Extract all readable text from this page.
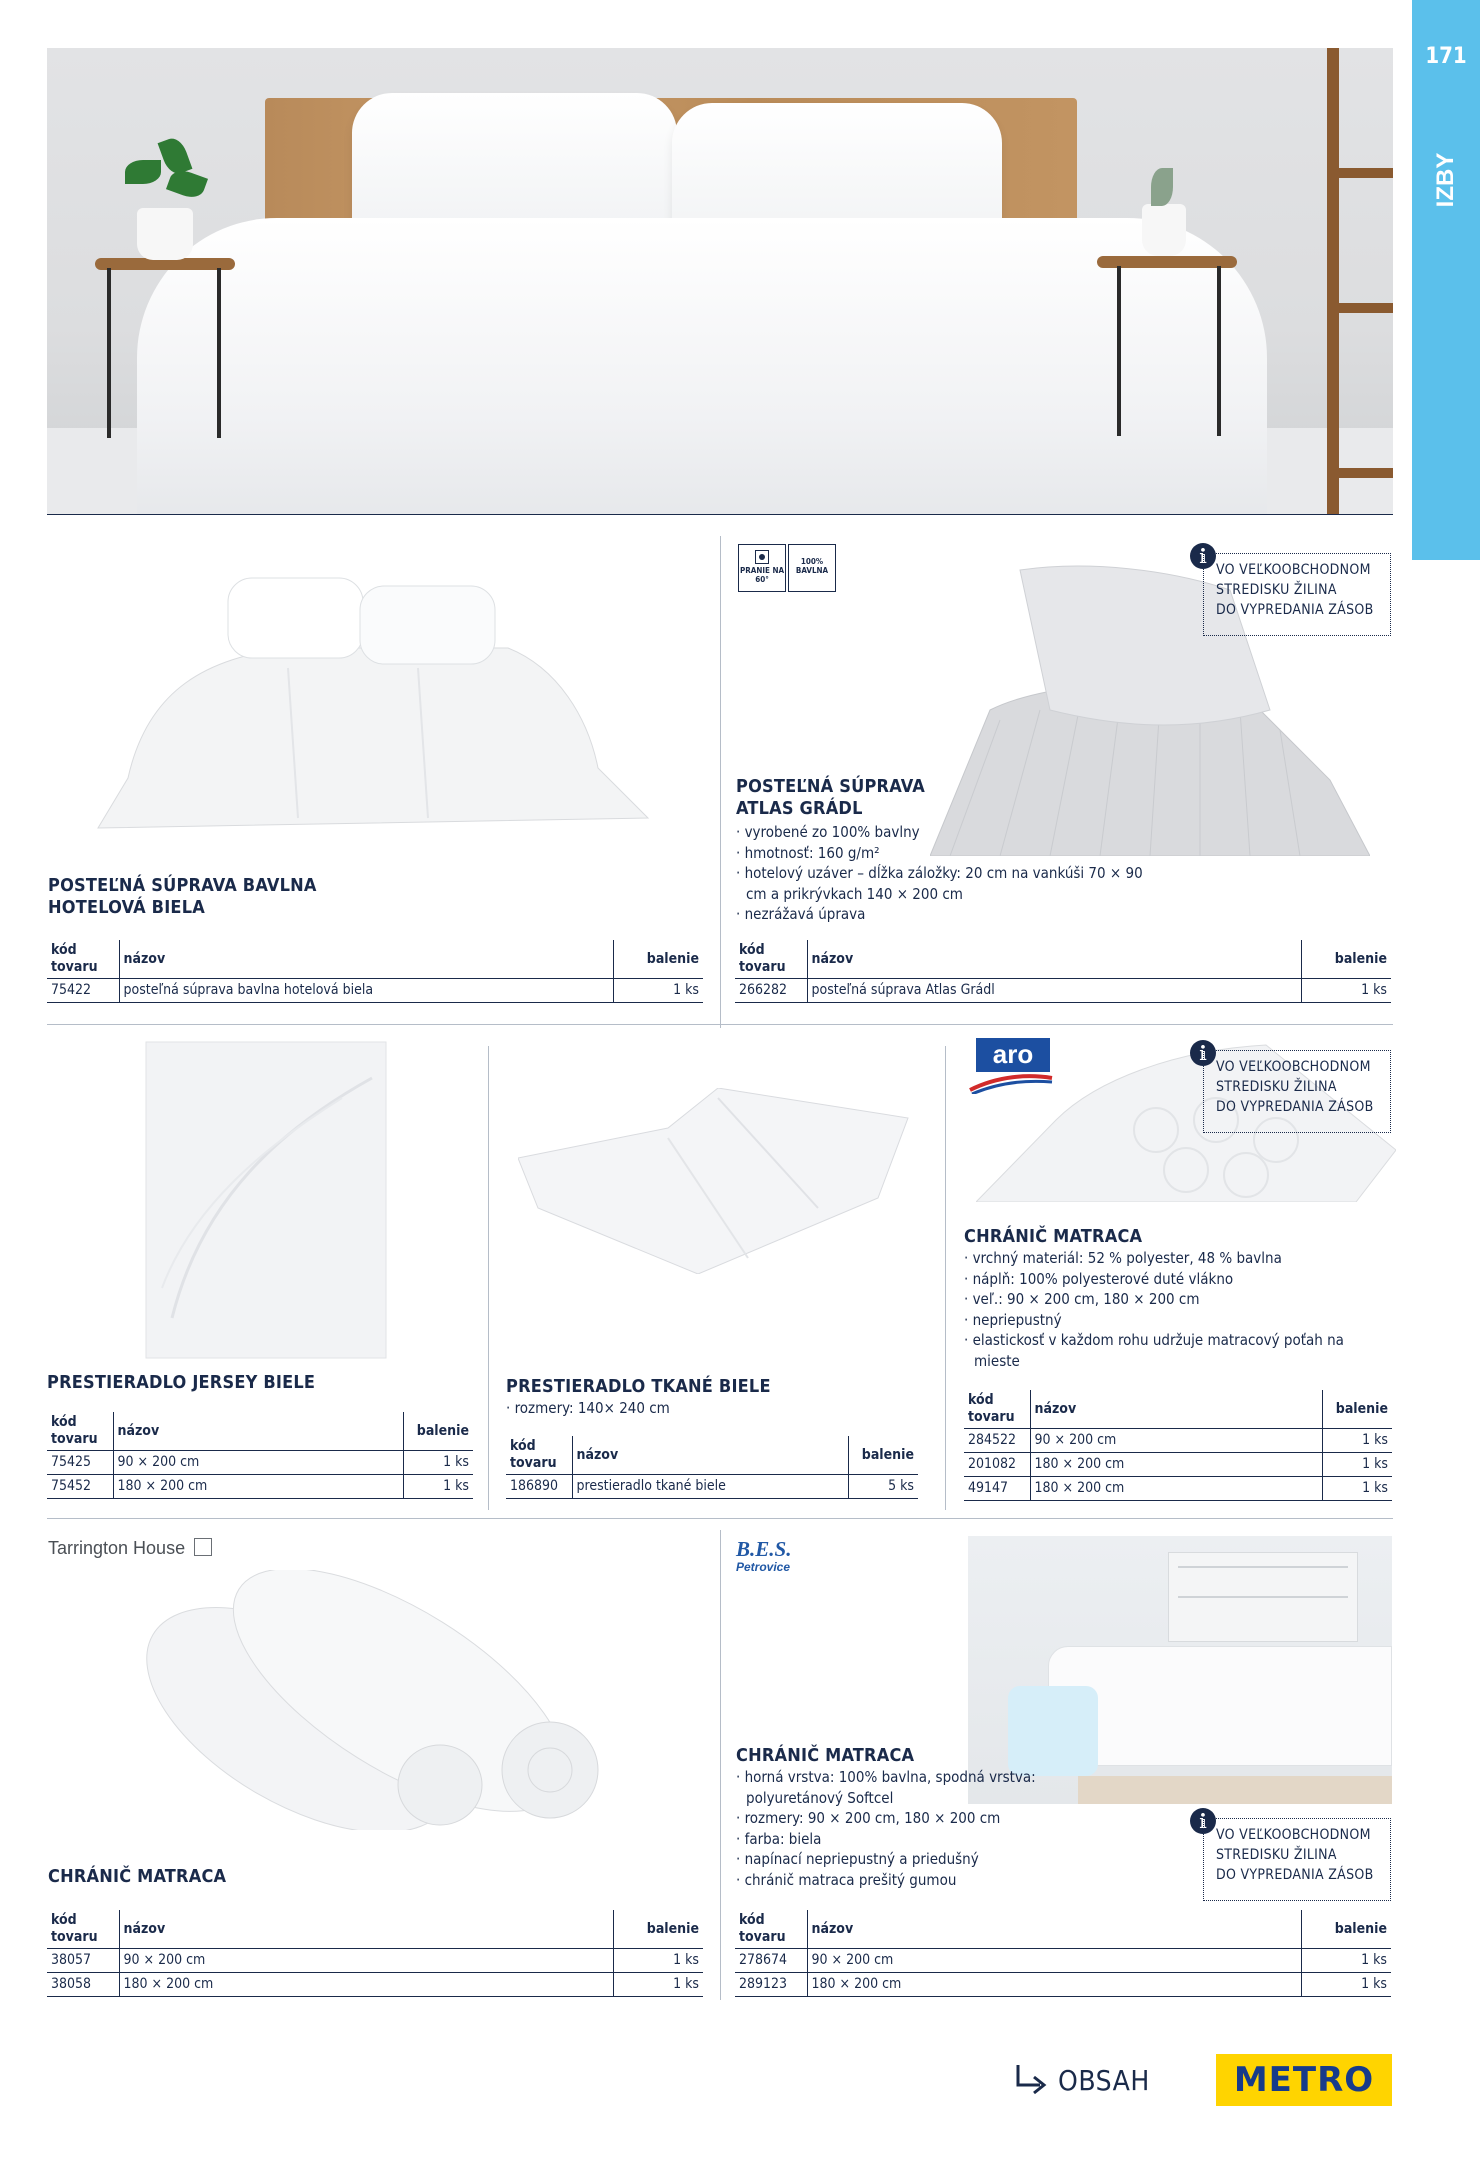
171
IZBY
POSTEĽNÁ SÚPRAVA BAVLNA
HOTELOVÁ BIELA
kód
tovaru	názov	balenie
75422	posteľná súprava bavlna hotelová biela	1 ks
PRANIE NA 60°
100% BAVLNA
POSTEĽNÁ SÚPRAVA
ATLAS GRÁDL
· vyrobené zo 100% bavlny
· hmotnosť: 160 g/m²
· hotelový uzáver – dĺžka záložky: 20 cm na vankúši 70 × 90 cm a prikrývkach 140 × 200 cm
· nezrážavá úprava
i
VO VEĽKOOBCHODNOM
STREDISKU ŽILINA
DO VYPREDANIA ZÁSOB
kód
tovaru	názov	balenie
266282	posteľná súprava Atlas Grádl	1 ks
PRESTIERADLO JERSEY BIELE
kód
tovaru	názov	balenie
75425	90 × 200 cm	1 ks
75452	180 × 200 cm	1 ks
PRESTIERADLO TKANÉ BIELE
· rozmery: 140× 240 cm
kód
tovaru	názov	balenie
186890	prestieradlo tkané biele	5 ks
aro	i
VO VEĽKOOBCHODNOM
STREDISKU ŽILINA
DO VYPREDANIA ZÁSOB
CHRÁNIČ MATRACA
· vrchný materiál: 52 % polyester, 48 % bavlna
· náplň: 100% polyesterové duté vlákno
· veľ.: 90 × 200 cm, 180 × 200 cm
· nepriepustný
· elastickosť v každom rohu udržuje matracový poťah na mieste
kód
tovaru	názov	balenie
284522	90 × 200 cm	1 ks
201082	180 × 200 cm	1 ks
49147	180 × 200 cm	1 ks
Tarrington House
CHRÁNIČ MATRACA
kód
tovaru	názov	balenie
38057	90 × 200 cm	1 ks
38058	180 × 200 cm	1 ks
B.E.S.
Petrovice
CHRÁNIČ MATRACA
· horná vrstva: 100% bavlna, spodná vrstva: polyuretánový Softcel
· rozmery: 90 × 200 cm, 180 × 200 cm
· farba: biela
· napínací nepriepustný a priedušný
· chránič matraca prešitý gumou
i
VO VEĽKOOBCHODNOM
STREDISKU ŽILINA
DO VYPREDANIA ZÁSOB
kód
tovaru	názov	balenie
278674	90 × 200 cm	1 ks
289123	180 × 200 cm	1 ks
OBSAH METRO
